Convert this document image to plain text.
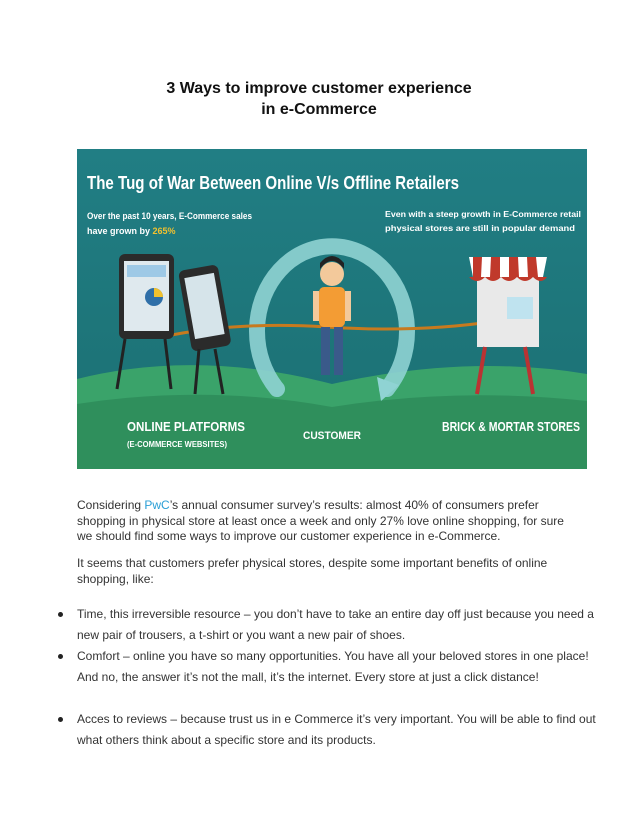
3 Ways to improve customer experience
in e-Commerce
The Tug of War Between Online V/s Offline Retailers
Over the past 10 years, E-Commerce sales
have grown by 265%
Even with a steep growth in E-Commerce retail
physical stores are still in popular demand
ONLINE PLATFORMS
(E-COMMERCE WEBSITES)
CUSTOMER
BRICK & MORTAR STORES

Considering PwC’s annual consumer survey’s results: almost 40% of consumers prefer shopping in physical store at least once a week and only 27% love online shopping, for sure we should find some ways to improve our customer experience in e-Commerce.

It seems that customers prefer physical stores, despite some important benefits of online shopping, like:

Time, this irreversible resource – you don’t have to take an entire day off just because you need a new pair of trousers, a t-shirt or you want a new pair of shoes.
Comfort – online you have so many opportunities. You have all your beloved stores in one place! And no, the answer it’s not the mall, it’s the internet. Every store at just a click distance!
Acces to reviews – because trust us in e Commerce it’s very important. You will be able to find out what others think about a specific store and its products.
